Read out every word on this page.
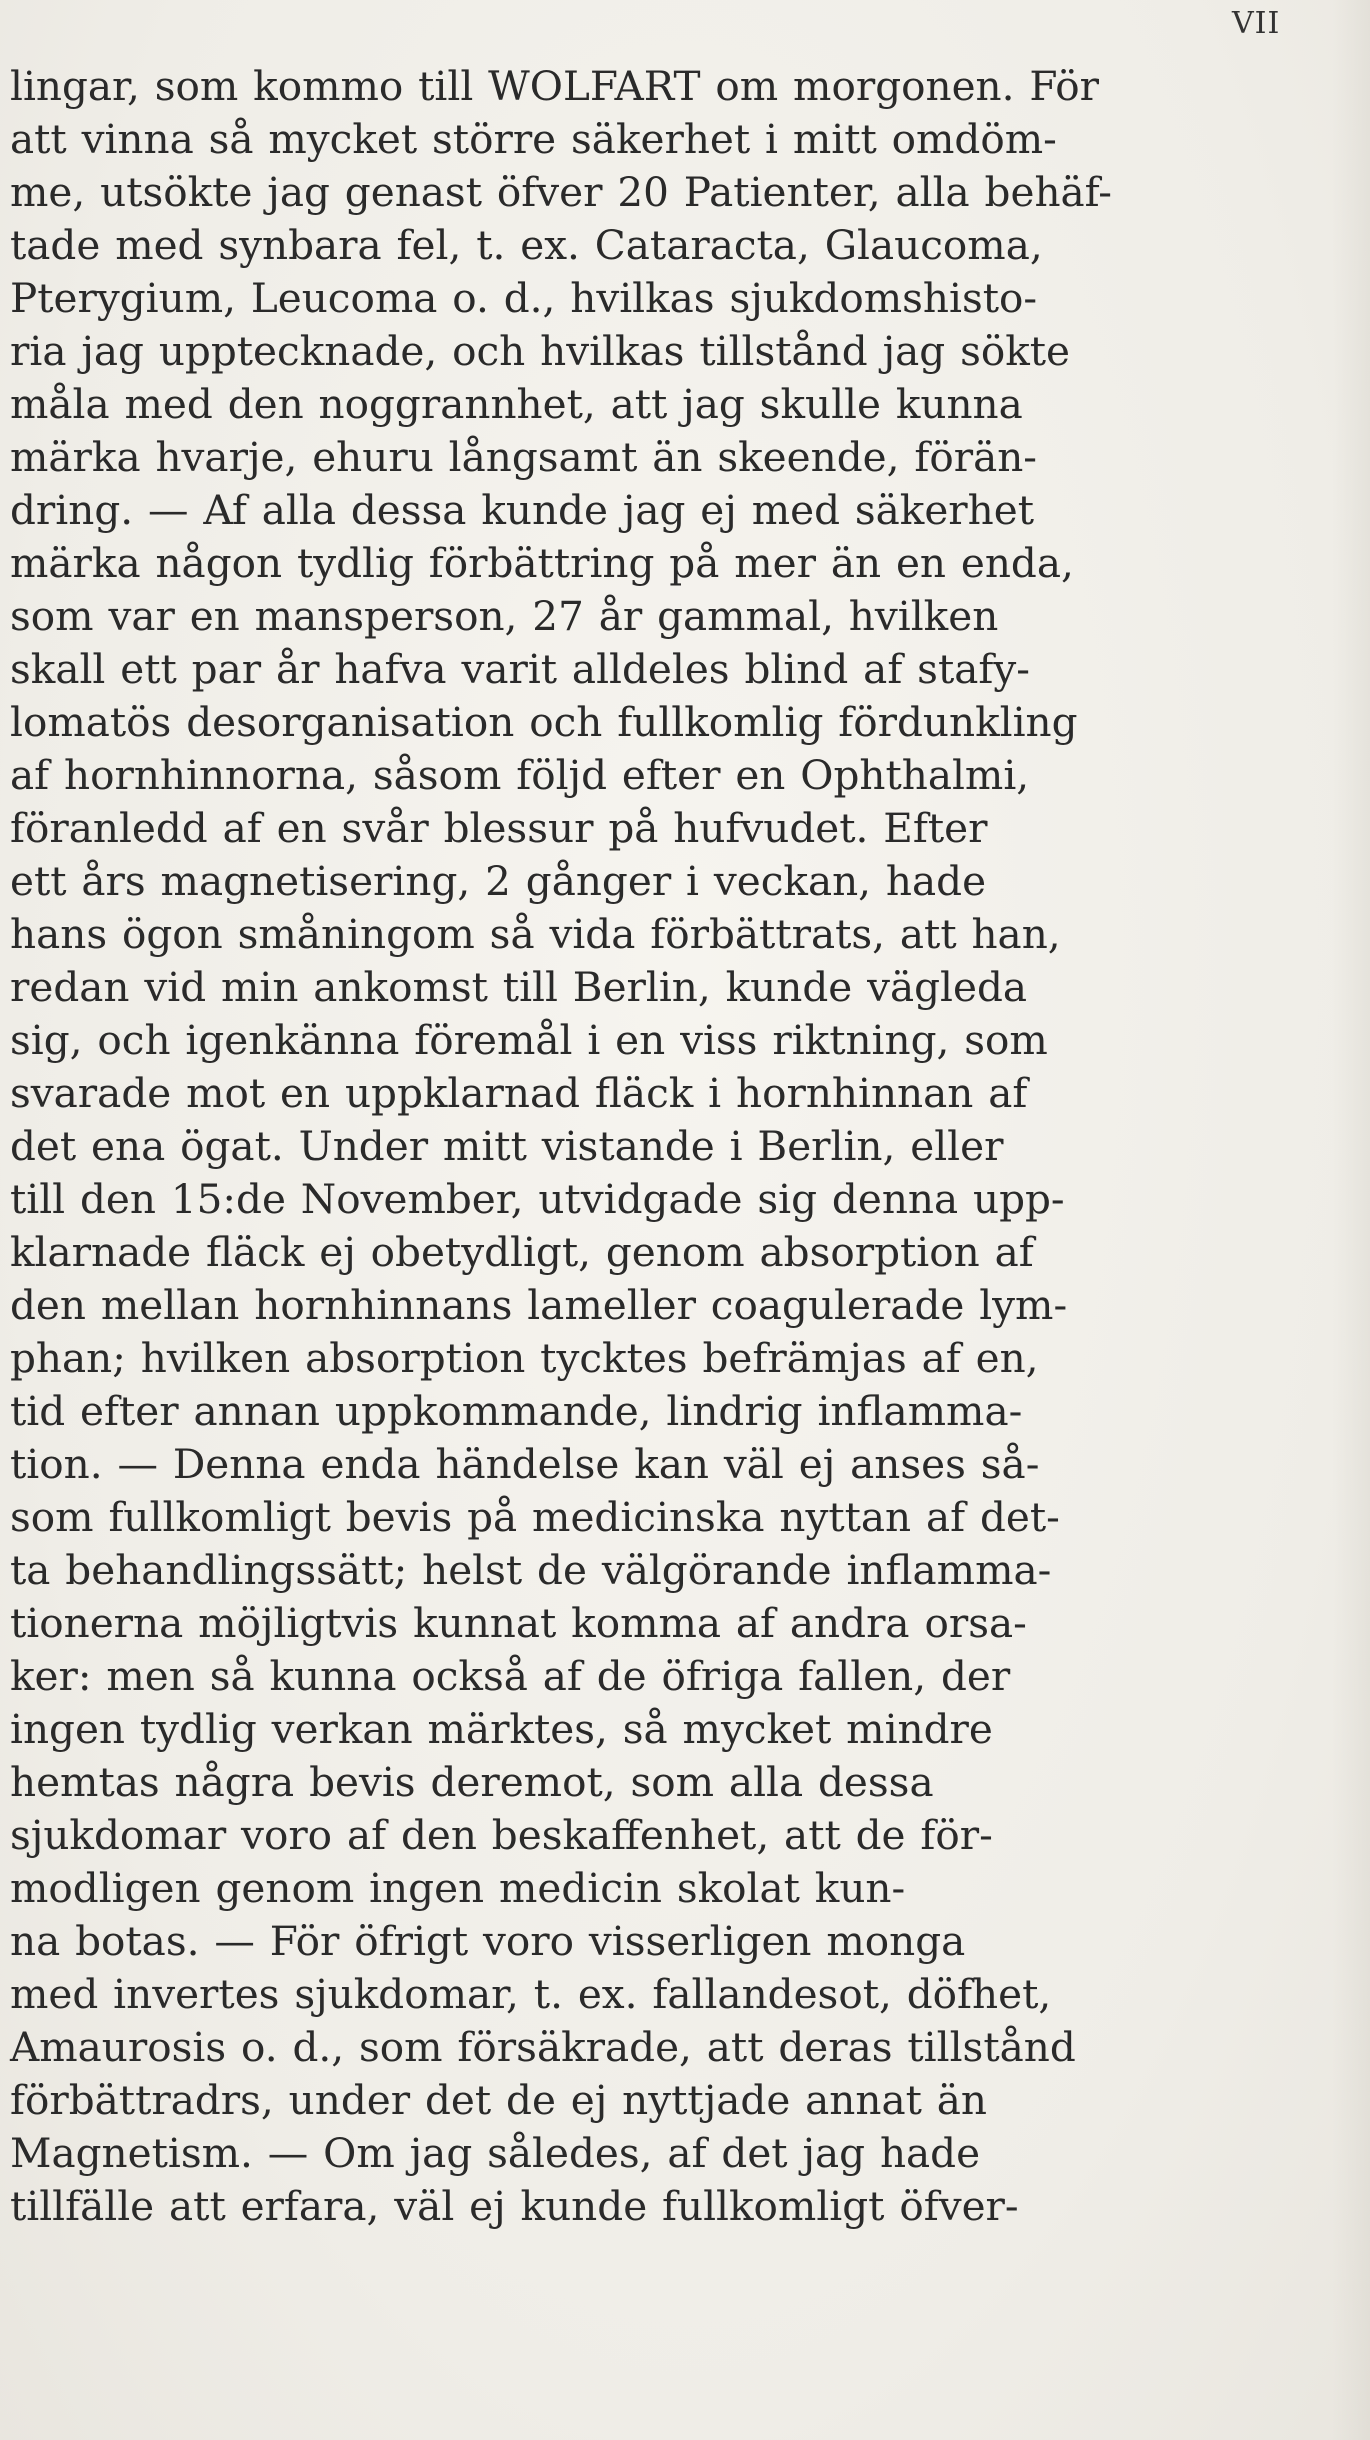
VII
lingar, som kommo till WOLFART om morgonen. För
att vinna så mycket större säkerhet i mitt omdöm-
me, utsökte jag genast öfver 20 Patienter, alla behäf-
tade med synbara fel, t. ex. Cataracta, Glaucoma,
Pterygium, Leucoma o. d., hvilkas sjukdomshisto-
ria jag upptecknade, och hvilkas tillstånd jag sökte
måla med den noggrannhet, att jag skulle kunna
märka hvarje, ehuru långsamt än skeende, förän-
dring. — Af alla dessa kunde jag ej med säkerhet
märka någon tydlig förbättring på mer än en enda,
som var en mansperson, 27 år gammal, hvilken
skall ett par år hafva varit alldeles blind af stafy-
lomatös desorganisation och fullkomlig fördunkling
af hornhinnorna, såsom följd efter en Ophthalmi,
föranledd af en svår blessur på hufvudet. Efter
ett års magnetisering, 2 gånger i veckan, hade
hans ögon småningom så vida förbättrats, att han,
redan vid min ankomst till Berlin, kunde vägleda
sig, och igenkänna föremål i en viss riktning, som
svarade mot en uppklarnad fläck i hornhinnan af
det ena ögat. Under mitt vistande i Berlin, eller
till den 15:de November, utvidgade sig denna upp-
klarnade fläck ej obetydligt, genom absorption af
den mellan hornhinnans lameller coagulerade lym-
phan; hvilken absorption tycktes befrämjas af en,
tid efter annan uppkommande, lindrig inflamma-
tion. — Denna enda händelse kan väl ej anses så-
som fullkomligt bevis på medicinska nyttan af det-
ta behandlingssätt; helst de välgörande inflamma-
tionerna möjligtvis kunnat komma af andra orsa-
ker: men så kunna också af de öfriga fallen, der
ingen tydlig verkan märktes, så mycket mindre
hemtas några bevis deremot, som alla dessa
sjukdomar voro af den beskaffenhet, att de för-
modligen genom ingen medicin skolat kun-
na botas. — För öfrigt voro visserligen monga
med invertes sjukdomar, t. ex. fallandesot, döfhet,
Amaurosis o. d., som försäkrade, att deras tillstånd
förbättradrs, under det de ej nyttjade annat än
Magnetism. — Om jag således, af det jag hade
tillfälle att erfara, väl ej kunde fullkomligt öfver-
